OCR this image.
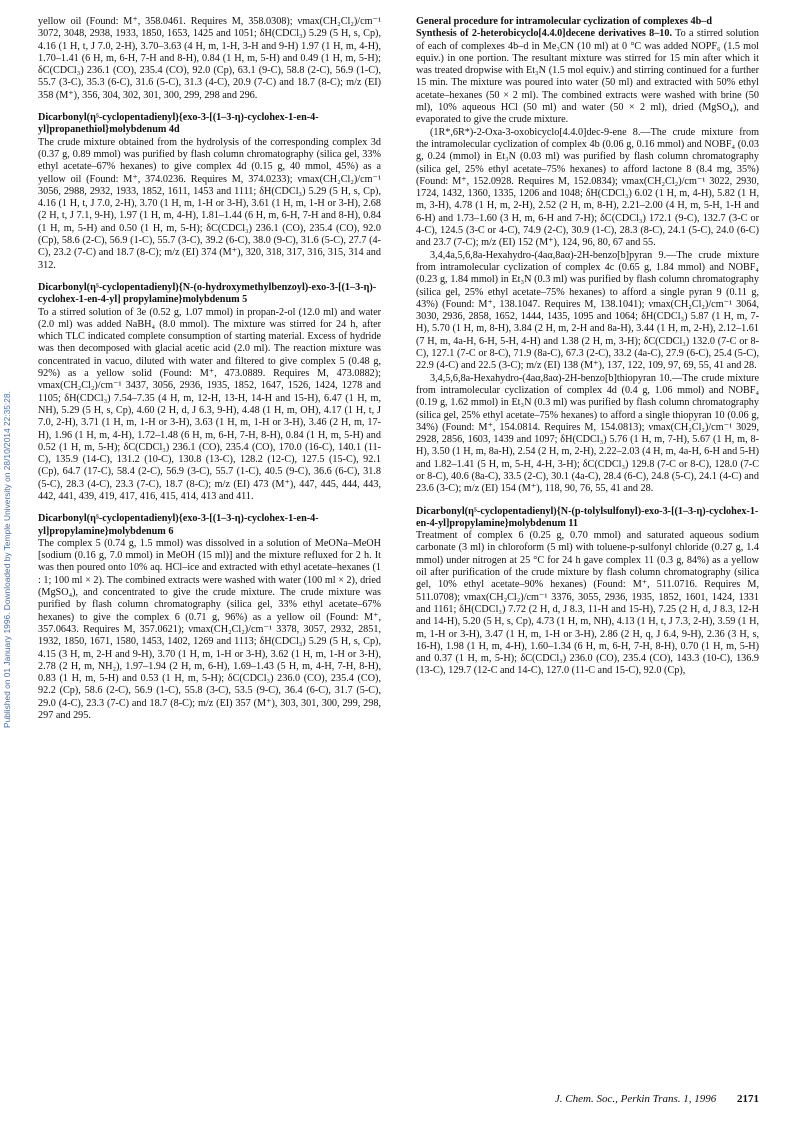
Published on 01 January 1996. Downloaded by Temple University on 28/10/2014 22:35:28.

yellow oil (Found: M⁺, 358.0461. Requires M, 358.0308); νmax(CH₂Cl₂)/cm⁻¹ 3072, 3048, 2938, 1933, 1850, 1653, 1425 and 1051; δH(CDCl₃) 5.29 (5 H, s, Cp), 4.16 (1 H, t, J 7.0, 2-H), 3.70–3.63 (4 H, m, 1-H, 3-H and 9-H) 1.97 (1 H, m, 4-H), 1.70–1.41 (6 H, m, 6-H, 7-H and 8-H), 0.84 (1 H, m, 5-H) and 0.49 (1 H, m, 5-H); δC(CDCl₃) 236.1 (CO), 235.4 (CO), 92.0 (Cp), 63.1 (9-C), 58.8 (2-C), 56.9 (1-C), 55.7 (3-C), 35.3 (6-C), 31.6 (5-C), 31.3 (4-C), 20.9 (7-C) and 18.7 (8-C); m/z (EI) 358 (M⁺), 356, 304, 302, 301, 300, 299, 298 and 296.

Dicarbonyl(η⁵-cyclopentadienyl){exo-3-[(1–3-η)-cyclohex-1-en-4-yl]propanethiol}molybdenum 4d

The crude mixture obtained from the hydrolysis of the corresponding complex 3d (0.37 g, 0.89 mmol) was purified by flash column chromatography (silica gel, 33% ethyl acetate–67% hexanes) to give complex 4d (0.15 g, 40 mmol, 45%) as a yellow oil (Found: M⁺, 374.0236. Requires M, 374.0233); νmax(CH₂Cl₂)/cm⁻¹ 3056, 2988, 2932, 1933, 1852, 1611, 1453 and 1111; δH(CDCl₃) 5.29 (5 H, s, Cp), 4.16 (1 H, t, J 7.0, 2-H), 3.70 (1 H, m, 1-H or 3-H), 3.61 (1 H, m, 1-H or 3-H), 2.68 (2 H, t, J 7.1, 9-H), 1.97 (1 H, m, 4-H), 1.81–1.44 (6 H, m, 6-H, 7-H and 8-H), 0.84 (1 H, m, 5-H) and 0.50 (1 H, m, 5-H); δC(CDCl₃) 236.1 (CO), 235.4 (CO), 92.0 (Cp), 58.6 (2-C), 56.9 (1-C), 55.7 (3-C), 39.2 (6-C), 38.0 (9-C), 31.6 (5-C), 27.7 (4-C), 23.2 (7-C) and 18.7 (8-C); m/z (EI) 374 (M⁺), 320, 318, 317, 316, 315, 314 and 312.

Dicarbonyl(η⁵-cyclopentadienyl){N-(o-hydroxymethylbenzoyl)-exo-3-[(1–3-η)-cyclohex-1-en-4-yl] propylamine}molybdenum 5

To a stirred solution of 3e (0.52 g, 1.07 mmol) in propan-2-ol (12.0 ml) and water (2.0 ml) was added NaBH₄ (8.0 mmol). The mixture was stirred for 24 h, after which TLC indicated complete consumption of starting material. Excess of hydride was then decomposed with glacial acetic acid (2.0 ml). The reaction mixture was concentrated in vacuo, diluted with water and filtered to give complex 5 (0.48 g, 92%) as a yellow solid (Found: M⁺, 473.0889. Requires M, 473.0882); νmax(CH₂Cl₂)/cm⁻¹ 3437, 3056, 2936, 1935, 1852, 1647, 1526, 1424, 1278 and 1105; δH(CDCl₃) 7.54–7.35 (4 H, m, 12-H, 13-H, 14-H and 15-H), 6.47 (1 H, m, NH), 5.29 (5 H, s, Cp), 4.60 (2 H, d, J 6.3, 9-H), 4.48 (1 H, m, OH), 4.17 (1 H, t, J 7.0, 2-H), 3.71 (1 H, m, 1-H or 3-H), 3.63 (1 H, m, 1-H or 3-H), 3.46 (2 H, m, 17-H), 1.96 (1 H, m, 4-H), 1.72–1.48 (6 H, m, 6-H, 7-H, 8-H), 0.84 (1 H, m, 5-H) and 0.52 (1 H, m, 5-H); δC(CDCl₃) 236.1 (CO), 235.4 (CO), 170.0 (16-C), 140.1 (11-C), 135.9 (14-C), 131.2 (10-C), 130.8 (13-C), 128.2 (12-C), 127.5 (15-C), 92.1 (Cp), 64.7 (17-C), 58.4 (2-C), 56.9 (3-C), 55.7 (1-C), 40.5 (9-C), 36.6 (6-C), 31.8 (5-C), 28.3 (4-C), 23.3 (7-C), 18.7 (8-C); m/z (EI) 473 (M⁺), 447, 445, 444, 443, 442, 441, 439, 419, 417, 416, 415, 414, 413 and 411.

Dicarbonyl(η⁵-cyclopentadienyl){exo-3-[(1–3-η)-cyclohex-1-en-4-yl]propylamine}molybdenum 6

The complex 5 (0.74 g, 1.5 mmol) was dissolved in a solution of MeONa–MeOH [sodium (0.16 g, 7.0 mmol) in MeOH (15 ml)] and the mixture refluxed for 2 h. It was then poured onto 10% aq. HCl–ice and extracted with ethyl acetate–hexanes (1 : 1; 100 ml × 2). The combined extracts were washed with water (100 ml × 2), dried (MgSO₄), and concentrated to give the crude mixture. The crude mixture was purified by flash column chromatography (silica gel, 33% ethyl acetate–67% hexanes) to give the complex 6 (0.71 g, 96%) as a yellow oil (Found: M⁺, 357.0643. Requires M, 357.0621); νmax(CH₂Cl₂)/cm⁻¹ 3378, 3057, 2932, 2851, 1932, 1850, 1671, 1580, 1453, 1402, 1269 and 1113; δH(CDCl₃) 5.29 (5 H, s, Cp), 4.15 (3 H, m, 2-H and 9-H), 3.70 (1 H, m, 1-H or 3-H), 3.62 (1 H, m, 1-H or 3-H), 2.78 (2 H, m, NH₂), 1.97–1.94 (2 H, m, 6-H), 1.69–1.43 (5 H, m, 4-H, 7-H, 8-H), 0.83 (1 H, m, 5-H) and 0.53 (1 H, m, 5-H); δC(CDCl₃) 236.0 (CO), 235.4 (CO), 92.2 (Cp), 58.6 (2-C), 56.9 (1-C), 55.8 (3-C), 53.5 (9-C), 36.4 (6-C), 31.7 (5-C), 29.0 (4-C), 23.3 (7-C) and 18.7 (8-C); m/z (EI) 357 (M⁺), 303, 301, 300, 299, 298, 297 and 295.

General procedure for intramolecular cyclization of complexes 4b–d

Synthesis of 2-heterobicyclo[4.4.0]decene derivatives 8–10. To a stirred solution of each of complexes 4b–d in Me₃CN (10 ml) at 0 °C was added NOPF₆ (1.5 mol equiv.) in one portion. The resultant mixture was stirred for 15 min after which it was treated dropwise with Et₃N (1.5 mol equiv.) and stirring continued for a further 15 min. The mixture was poured into water (50 ml) and extracted with 50% ethyl acetate–hexanes (50 × 2 ml). The combined extracts were washed with brine (50 ml), 10% aqueous HCl (50 ml) and water (50 × 2 ml), dried (MgSO₄), and evaporated to give the crude mixture.

(1R*,6R*)-2-Oxa-3-oxobicyclo[4.4.0]dec-9-ene 8.—The crude mixture from the intramolecular cyclization of complex 4b (0.06 g, 0.16 mmol) and NOBF₄ (0.03 g, 0.24 (mmol) in Et₃N (0.03 ml) was purified by flash column chromatography (silica gel, 25% ethyl acetate–75% hexanes) to afford lactone 8 (8.4 mg, 35%) (Found: M⁺, 152.0928. Requires M, 152.0834); νmax(CH₂Cl₂)/cm⁻¹ 3022, 2930, 1724, 1432, 1360, 1335, 1206 and 1048; δH(CDCl₃) 6.02 (1 H, m, 4-H), 5.82 (1 H, m, 3-H), 4.78 (1 H, m, 2-H), 2.52 (2 H, m, 8-H), 2.21–2.00 (4 H, m, 5-H, 1-H and 6-H) and 1.73–1.60 (3 H, m, 6-H and 7-H); δC(CDCl₃) 172.1 (9-C), 132.7 (3-C or 4-C), 124.5 (3-C or 4-C), 74.9 (2-C), 30.9 (1-C), 28.3 (8-C), 24.1 (5-C), 24.0 (6-C) and 23.7 (7-C); m/z (EI) 152 (M⁺), 124, 96, 80, 67 and 55.

3,4,4a,5,6,8a-Hexahydro-(4aα,8aα)-2H-benzo[b]pyran 9.—The crude mixture from intramolecular cyclization of complex 4c (0.65 g, 1.84 mmol) and NOBF₄ (0.23 g, 1.84 mmol) in Et₃N (0.3 ml) was purified by flash column chromatography (silica gel, 25% ethyl acetate–75% hexanes) to afford a single pyran 9 (0.11 g, 43%) (Found: M⁺, 138.1047. Requires M, 138.1041); νmax(CH₂Cl₂)/cm⁻¹ 3064, 3030, 2936, 2858, 1652, 1444, 1435, 1095 and 1064; δH(CDCl₃) 5.87 (1 H, m, 7-H), 5.70 (1 H, m, 8-H), 3.84 (2 H, m, 2-H and 8a-H), 3.44 (1 H, m, 2-H), 2.12–1.61 (7 H, m, 4a-H, 6-H, 5-H, 4-H) and 1.38 (2 H, m, 3-H); δC(CDCl₃) 132.0 (7-C or 8-C), 127.1 (7-C or 8-C), 71.9 (8a-C), 67.3 (2-C), 33.2 (4a-C), 27.9 (6-C), 25.4 (5-C), 22.9 (4-C) and 22.5 (3-C); m/z (EI) 138 (M⁺), 137, 122, 109, 97, 69, 55, 41 and 28.

3,4,5,6,8a-Hexahydro-(4aα,8aα)-2H-benzo[b]thiopyran 10.—The crude mixture from intramolecular cyclization of complex 4d (0.4 g, 1.06 mmol) and NOBF₄ (0.19 g, 1.62 mmol) in Et₃N (0.3 ml) was purified by flash column chromatography (silica gel, 25% ethyl acetate–75% hexanes) to afford a single thiopyran 10 (0.06 g, 34%) (Found: M⁺, 154.0814. Requires M, 154.0813); νmax(CH₂Cl₂)/cm⁻¹ 3029, 2928, 2856, 1603, 1439 and 1097; δH(CDCl₃) 5.76 (1 H, m, 7-H), 5.67 (1 H, m, 8-H), 3.50 (1 H, m, 8a-H), 2.54 (2 H, m, 2-H), 2.22–2.03 (4 H, m, 4a-H, 6-H and 5-H) and 1.82–1.41 (5 H, m, 5-H, 4-H, 3-H); δC(CDCl₃) 129.8 (7-C or 8-C), 128.0 (7-C or 8-C), 40.6 (8a-C), 33.5 (2-C), 30.1 (4a-C), 28.4 (6-C), 24.8 (5-C), 24.1 (4-C) and 23.6 (3-C); m/z (EI) 154 (M⁺), 118, 90, 76, 55, 41 and 28.

Dicarbonyl(η⁵-cyclopentadienyl){N-(p-tolylsulfonyl)-exo-3-[(1–3-η)-cyclohex-1-en-4-yl]propylamine}molybdenum 11

Treatment of complex 6 (0.25 g, 0.70 mmol) and saturated aqueous sodium carbonate (3 ml) in chloroform (5 ml) with toluene-p-sulfonyl chloride (0.27 g, 1.4 mmol) under nitrogen at 25 °C for 24 h gave complex 11 (0.3 g, 84%) as a yellow oil after purification of the crude mixture by flash column chromatography (silica gel, 10% ethyl acetate–90% hexanes) (Found: M⁺, 511.0716. Requires M, 511.0708); νmax(CH₂Cl₂)/cm⁻¹ 3376, 3055, 2936, 1935, 1852, 1601, 1424, 1331 and 1161; δH(CDCl₃) 7.72 (2 H, d, J 8.3, 11-H and 15-H), 7.25 (2 H, d, J 8.3, 12-H and 14-H), 5.20 (5 H, s, Cp), 4.73 (1 H, m, NH), 4.13 (1 H, t, J 7.3, 2-H), 3.59 (1 H, m, 1-H or 3-H), 3.47 (1 H, m, 1-H or 3-H), 2.86 (2 H, q, J 6.4, 9-H), 2.36 (3 H, s, 16-H), 1.98 (1 H, m, 4-H), 1.60–1.34 (6 H, m, 6-H, 7-H, 8-H), 0.70 (1 H, m, 5-H) and 0.37 (1 H, m, 5-H); δC(CDCl₃) 236.0 (CO), 235.4 (CO), 143.3 (10-C), 136.9 (13-C), 129.7 (12-C and 14-C), 127.0 (11-C and 15-C), 92.0 (Cp),

J. Chem. Soc., Perkin Trans. 1, 1996 2171
